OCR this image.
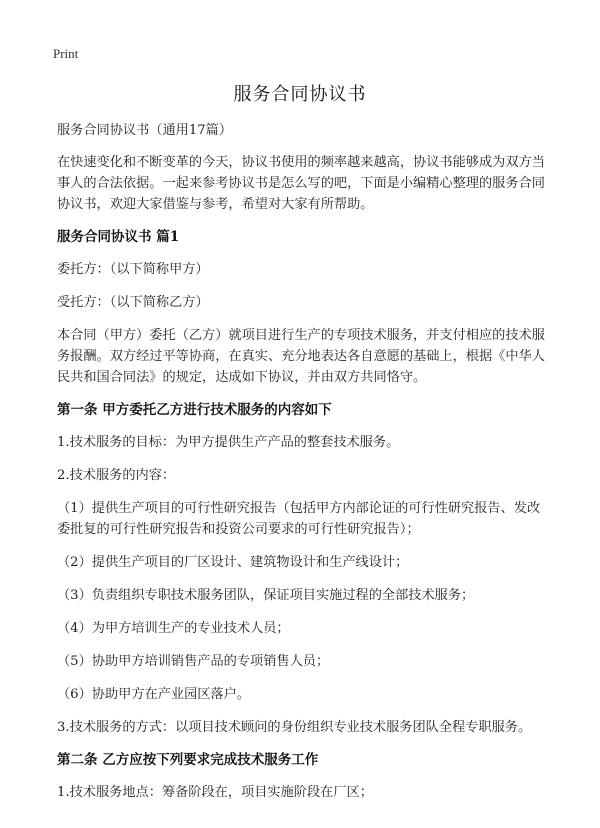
Print
服务合同协议书

服务合同协议书（通用17篇）

在快速变化和不断变革的今天，协议书使用的频率越来越高，协议书能够成为双方当事人的合法依据。一起来参考协议书是怎么写的吧，下面是小编精心整理的服务合同协议书，欢迎大家借鉴与参考，希望对大家有所帮助。

服务合同协议书 篇1

委托方：（以下简称甲方）

受托方：（以下简称乙方）

本合同（甲方）委托（乙方）就项目进行生产的专项技术服务，并支付相应的技术服务报酬。双方经过平等协商，在真实、充分地表达各自意愿的基础上，根据《中华人民共和国合同法》的规定，达成如下协议，并由双方共同恪守。

第一条 甲方委托乙方进行技术服务的内容如下

1.技术服务的目标：为甲方提供生产产品的整套技术服务。

2.技术服务的内容：

（1）提供生产项目的可行性研究报告（包括甲方内部论证的可行性研究报告、发改委批复的可行性研究报告和投资公司要求的可行性研究报告）；

（2）提供生产项目的厂区设计、建筑物设计和生产线设计；

（3）负责组织专职技术服务团队，保证项目实施过程的全部技术服务；

（4）为甲方培训生产的专业技术人员；

（5）协助甲方培训销售产品的专项销售人员；

（6）协助甲方在产业园区落户。

3.技术服务的方式：以项目技术顾问的身份组织专业技术服务团队全程专职服务。

第二条 乙方应按下列要求完成技术服务工作

1.技术服务地点：筹备阶段在，项目实施阶段在厂区；
